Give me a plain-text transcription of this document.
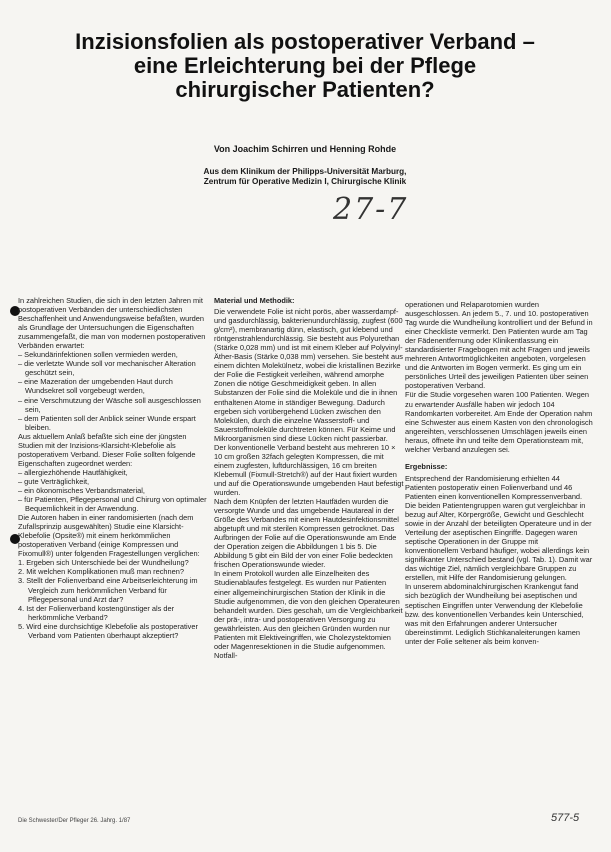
Inzisionsfolien als postoperativer Verband –
eine Erleichterung bei der Pflege
chirurgischer Patienten?
Von Joachim Schirren und Henning Rohde
Aus dem Klinikum der Philipps-Universität Marburg,
Zentrum für Operative Medizin I, Chirurgische Klinik
27-7

In zahlreichen Studien, die sich in den letzten Jahren mit postoperativen Verbänden der unterschiedlichsten Beschaffenheit und Anwendungsweise befaßten, wurden als Grundlage der Untersuchungen die Eigenschaften zusammengefaßt, die man von modernen postoperativen Verbänden erwartet:

– Sekundärinfektionen sollen vermieden werden,
– die verletzte Wunde soll vor mechanischer Alteration geschützt sein,
– eine Mazeration der umgebenden Haut durch Wundsekret soll vorgebeugt werden,
– eine Verschmutzung der Wäsche soll ausgeschlossen sein,
– dem Patienten soll der Anblick seiner Wunde erspart bleiben.

Aus aktuellem Anlaß befaßte sich eine der jüngsten Studien mit der Inzisions-Klarsicht-Klebefolie als postoperativem Verband. Dieser Folie sollten folgende Eigenschaften zugeordnet werden:

– allergiezhöhende Hautfähigkeit,
– gute Verträglichkeit,
– ein ökonomisches Verbandsmaterial,
– für Patienten, Pflegepersonal und Chirurg von optimaler Bequemlichkeit in der Anwendung.

Die Autoren haben in einer randomisierten (nach dem Zufallsprinzip ausgewählten) Studie eine Klarsicht-Klebefolie (Opsite®) mit einem herkömmlichen postoperativen Verband (einige Kompressen und Fixomull®) unter folgenden Fragestellungen verglichen:

1. Ergeben sich Unterschiede bei der Wundheilung?
2. Mit welchen Komplikationen muß man rechnen?
3. Stellt der Folienverband eine Arbeitserleichterung im Vergleich zum herkömmlichen Verband für Pflegepersonal und Arzt dar?
4. Ist der Folienverband kostengünstiger als der herkömmliche Verband?
5. Wird eine durchsichtige Klebefolie als postoperativer Verband vom Patienten überhaupt akzeptiert?

Material und Methodik:

Die verwendete Folie ist nicht porös, aber wasserdampf- und gasdurchlässig, bakterienundurchlässig, zugfest (600 g/cm²), membranartig dünn, elastisch, gut klebend und röntgenstrahlendurchlässig. Sie besteht aus Polyurethan (Stärke 0,028 mm) und ist mit einem Kleber auf Polyvinyl-Äther-Basis (Stärke 0,038 mm) versehen. Sie besteht aus einem dichten Molekülnetz, wobei die kristallinen Bezirke der Folie die Festigkeit verleihen, während amorphe Zonen die nötige Geschmeidigkeit geben. In allen Substanzen der Folie sind die Moleküle und die in ihnen enthaltenen Atome in ständiger Bewegung. Dadurch ergeben sich vorübergehend Lücken zwischen den Molekülen, durch die einzelne Wasserstoff- und Sauerstoffmoleküle durchtreten können. Für Keime und Mikroorganismen sind diese Lücken nicht passierbar.

Der konventionelle Verband besteht aus mehreren 10 × 10 cm großen 32fach gelegten Kompressen, die mit einem zugfesten, luftdurchlässigen, 16 cm breiten Klebemull (Fixmull-Stretch®) auf der Haut fixiert wurden und auf die Operationswunde umgebenden Haut befestigt wurden.

Nach dem Knüpfen der letzten Hautfäden wurden die versorgte Wunde und das umgebende Hautareal in der Größe des Verbandes mit einem Hautdesinfektionsmittel abgetupft und mit sterilen Kompressen getrocknet. Das Aufbringen der Folie auf die Operationswunde am Ende der Operation zeigen die Abbildungen 1 bis 5. Die Abbildung 5 gibt ein Bild der von einer Folie bedeckten frischen Operationswunde wieder.

In einem Protokoll wurden alle Einzelheiten des Studienablaufes festgelegt. Es wurden nur Patienten einer allgemeinchirurgischen Station der Klinik in die Studie aufgenommen, die von den gleichen Operateuren behandelt wurden. Dies geschah, um die Vergleichbarkeit der prä-, intra- und postoperativen Versorgung zu gewährleisten. Aus den gleichen Gründen wurden nur Patienten mit Elektiveingriffen, wie Cholezystektomien oder Magenresektionen in die Studie aufgenommen. Notfall-

operationen und Relaparotomien wurden ausgeschlossen. An jedem 5., 7. und 10. postoperativen Tag wurde die Wundheilung kontrolliert und der Befund in einer Checkliste vermerkt. Den Patienten wurde am Tag der Fädenentfernung oder Klinikentlassung ein standardisierter Fragebogen mit acht Fragen und jeweils mehreren Antwortmöglichkeiten angeboten, vorgelesen und die Antworten im Bogen vermerkt. Es ging um ein persönliches Urteil des jeweiligen Patienten über seinen postoperativen Verband.

Für die Studie vorgesehen waren 100 Patienten. Wegen zu erwartender Ausfälle haben wir jedoch 104 Randomkarten vorbereitet. Am Ende der Operation nahm eine Schwester aus einem Kasten von den chronologisch angereihten, verschlossenen Umschlägen jeweils einen heraus, öffnete ihn und teilte dem Operationsteam mit, welcher Verband anzulegen sei.

Ergebnisse:

Entsprechend der Randomisierung erhielten 44 Patienten postoperativ einen Folienverband und 46 Patienten einen konventionellen Kompressenverband. Die beiden Patientengruppen waren gut vergleichbar in bezug auf Alter, Körpergröße, Gewicht und Geschlecht sowie in der Anzahl der beteiligten Operateure und in der Verteilung der aseptischen Eingriffe. Dagegen waren septische Operationen in der Gruppe mit konventionellem Verband häufiger, wobei allerdings kein signifikanter Unterschied bestand (vgl. Tab. 1). Damit war das wichtige Ziel, nämlich vergleichbare Gruppen zu erstellen, mit Hilfe der Randomisierung gelungen.

In unserem abdominalchirurgischen Krankengut fand sich bezüglich der Wundheilung bei aseptischen und septischen Eingriffen unter Verwendung der Klebefolie bzw. des konventionellen Verbandes kein Unterschied, was mit den Erfahrungen anderer Untersucher übereinstimmt. Lediglich Stichkanaleiterungen kamen unter der Folie seltener als beim konven-

Die Schwester/Der Pfleger 26. Jahrg. 1/87	577-5
